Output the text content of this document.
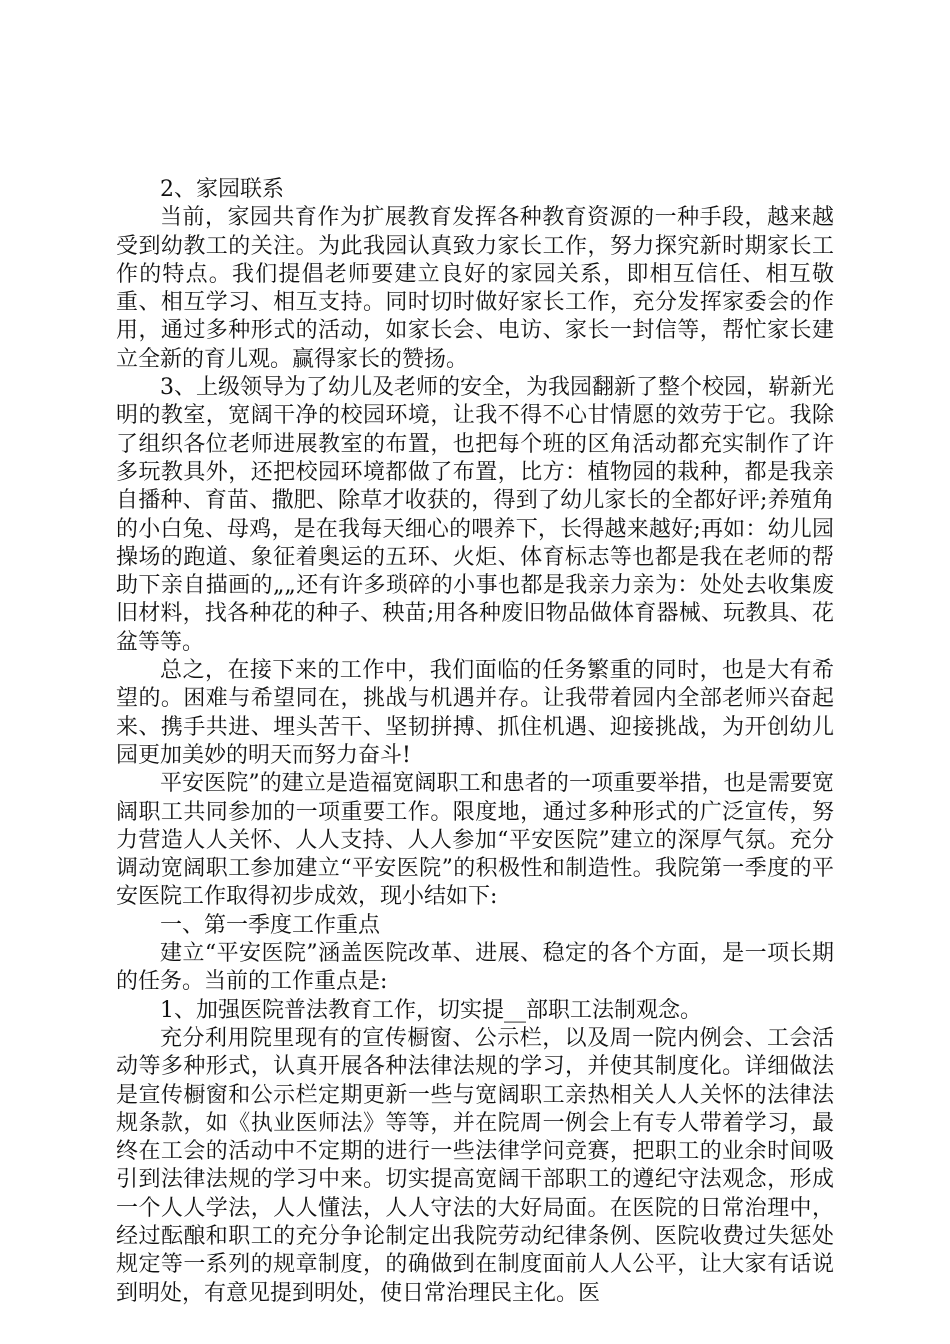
2、家园联系

当前，家园共育作为扩展教育发挥各种教育资源的一种手段，越来越受到幼教工的关注。为此我园认真致力家长工作，努力探究新时期家长工作的特点。我们提倡老师要建立良好的家园关系，即相互信任、相互敬重、相互学习、相互支持。同时切时做好家长工作，充分发挥家委会的作用，通过多种形式的活动，如家长会、电访、家长一封信等，帮忙家长建立全新的育儿观。赢得家长的赞扬。

3、上级领导为了幼儿及老师的安全，为我园翻新了整个校园，崭新光明的教室，宽阔干净的校园环境，让我不得不心甘情愿的效劳于它。我除了组织各位老师进展教室的布置，也把每个班的区角活动都充实制作了许多玩教具外，还把校园环境都做了布置，比方：植物园的栽种，都是我亲自播种、育苗、撒肥、除草才收获的，得到了幼儿家长的全都好评;养殖角的小白兔、母鸡，是在我每天细心的喂养下，长得越来越好;再如：幼儿园操场的跑道、象征着奥运的五环、火炬、体育标志等也都是我在老师的帮助下亲自描画的„„还有许多琐碎的小事也都是我亲力亲为：处处去收集废旧材料，找各种花的种子、秧苗;用各种废旧物品做体育器械、玩教具、花盆等等。

总之，在接下来的工作中，我们面临的任务繁重的同时，也是大有希望的。困难与希望同在，挑战与机遇并存。让我带着园内全部老师兴奋起来、携手共进、埋头苦干、坚韧拼搏、抓住机遇、迎接挑战，为开创幼儿园更加美妙的明天而努力奋斗!

平安医院”的建立是造福宽阔职工和患者的一项重要举措，也是需要宽阔职工共同参加的一项重要工作。限度地，通过多种形式的广泛宣传，努力营造人人关怀、人人支持、人人参加“平安医院”建立的深厚气氛。充分调动宽阔职工参加建立“平安医院”的积极性和制造性。我院第一季度的平安医院工作取得初步成效，现小结如下:

一、第一季度工作重点

建立“平安医院”涵盖医院改革、进展、稳定的各个方面，是一项长期的任务。当前的工作重点是:

1、加强医院普法教育工作，切实提__部职工法制观念。

充分利用院里现有的宣传橱窗、公示栏，以及周一院内例会、工会活动等多种形式，认真开展各种法律法规的学习，并使其制度化。详细做法是宣传橱窗和公示栏定期更新一些与宽阔职工亲热相关人人关怀的法律法规条款，如《执业医师法》等等，并在院周一例会上有专人带着学习，最终在工会的活动中不定期的进行一些法律学问竞赛，把职工的业余时间吸引到法律法规的学习中来。切实提高宽阔干部职工的遵纪守法观念，形成一个人人学法，人人懂法，人人守法的大好局面。在医院的日常治理中，经过酝酿和职工的充分争论制定出我院劳动纪律条例、医院收费过失惩处规定等一系列的规章制度，的确做到在制度面前人人公平，让大家有话说到明处，有意见提到明处，使日常治理民主化。医
